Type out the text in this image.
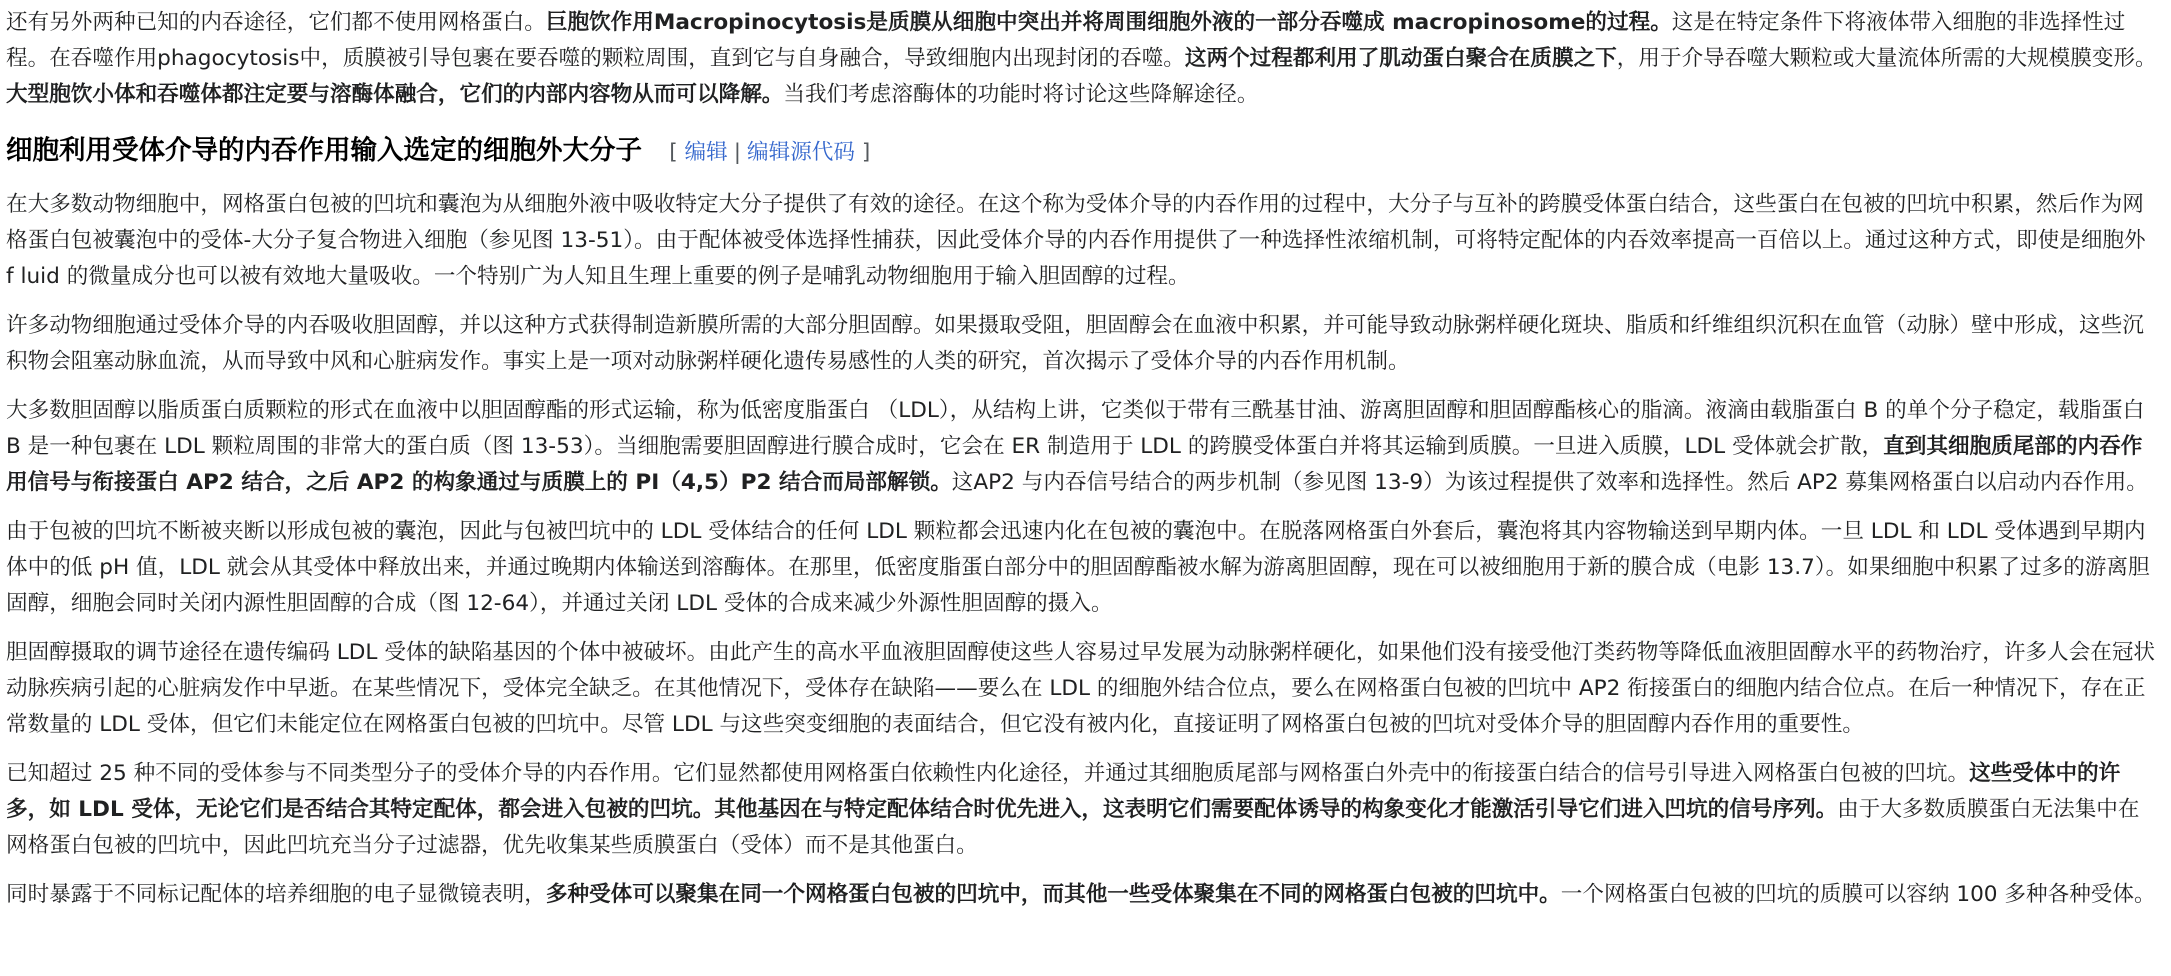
还有另外两种已知的内吞途径，它们都不使用网格蛋白。巨胞饮作用Macropinocytosis是质膜从细胞中突出并将周围细胞外液的一部分吞噬成 macropinosome的过程。这是在特定条件下将液体带入细胞的非选择性过程。在吞噬作用phagocytosis中，质膜被引导包裹在要吞噬的颗粒周围，直到它与自身融合，导致细胞内出现封闭的吞噬。这两个过程都利用了肌动蛋白聚合在质膜之下，用于介导吞噬大颗粒或大量流体所需的大规模膜变形。大型胞饮小体和吞噬体都注定要与溶酶体融合，它们的内部内容物从而可以降解。当我们考虑溶酶体的功能时将讨论这些降解途径。

细胞利用受体介导的内吞作用输入选定的细胞外大分子 [ 编辑 | 编辑源代码 ]

在大多数动物细胞中，网格蛋白包被的凹坑和囊泡为从细胞外液中吸收特定大分子提供了有效的途径。在这个称为受体介导的内吞作用的过程中，大分子与互补的跨膜受体蛋白结合，这些蛋白在包被的凹坑中积累，然后作为网格蛋白包被囊泡中的受体-大分子复合物进入细胞（参见图 13-51）。由于配体被受体选择性捕获，因此受体介导的内吞作用提供了一种选择性浓缩机制，可将特定配体的内吞效率提高一百倍以上。通过这种方式，即使是细胞外 f luid 的微量成分也可以被有效地大量吸收。一个特别广为人知且生理上重要的例子是哺乳动物细胞用于输入胆固醇的过程。

许多动物细胞通过受体介导的内吞吸收胆固醇，并以这种方式获得制造新膜所需的大部分胆固醇。如果摄取受阻，胆固醇会在血液中积累，并可能导致动脉粥样硬化斑块、脂质和纤维组织沉积在血管（动脉）壁中形成，这些沉积物会阻塞动脉血流，从而导致中风和心脏病发作。事实上是一项对动脉粥样硬化遗传易感性的人类的研究，首次揭示了受体介导的内吞作用机制。

大多数胆固醇以脂质蛋白质颗粒的形式在血液中以胆固醇酯的形式运输，称为低密度脂蛋白 （LDL），从结构上讲，它类似于带有三酰基甘油、游离胆固醇和胆固醇酯核心的脂滴。液滴由载脂蛋白 B 的单个分子稳定，载脂蛋白 B 是一种包裹在 LDL 颗粒周围的非常大的蛋白质（图 13-53）。当细胞需要胆固醇进行膜合成时，它会在 ER 制造用于 LDL 的跨膜受体蛋白并将其运输到质膜。一旦进入质膜，LDL 受体就会扩散，直到其细胞质尾部的内吞作用信号与衔接蛋白 AP2 结合，之后 AP2 的构象通过与质膜上的 PI（4,5）P2 结合而局部解锁。这AP2 与内吞信号结合的两步机制（参见图 13-9）为该过程提供了效率和选择性。然后 AP2 募集网格蛋白以启动内吞作用。

由于包被的凹坑不断被夹断以形成包被的囊泡，因此与包被凹坑中的 LDL 受体结合的任何 LDL 颗粒都会迅速内化在包被的囊泡中。在脱落网格蛋白外套后，囊泡将其内容物输送到早期内体。一旦 LDL 和 LDL 受体遇到早期内体中的低 pH 值，LDL 就会从其受体中释放出来，并通过晚期内体输送到溶酶体。在那里，低密度脂蛋白部分中的胆固醇酯被水解为游离胆固醇，现在可以被细胞用于新的膜合成（电影 13.7）。如果细胞中积累了过多的游离胆固醇，细胞会同时关闭内源性胆固醇的合成（图 12-64），并通过关闭 LDL 受体的合成来减少外源性胆固醇的摄入。

胆固醇摄取的调节途径在遗传编码 LDL 受体的缺陷基因的个体中被破坏。由此产生的高水平血液胆固醇使这些人容易过早发展为动脉粥样硬化，如果他们没有接受他汀类药物等降低血液胆固醇水平的药物治疗，许多人会在冠状动脉疾病引起的心脏病发作中早逝。在某些情况下，受体完全缺乏。在其他情况下，受体存在缺陷——要么在 LDL 的细胞外结合位点，要么在网格蛋白包被的凹坑中 AP2 衔接蛋白的细胞内结合位点。在后一种情况下，存在正常数量的 LDL 受体，但它们未能定位在网格蛋白包被的凹坑中。尽管 LDL 与这些突变细胞的表面结合，但它没有被内化，直接证明了网格蛋白包被的凹坑对受体介导的胆固醇内吞作用的重要性。

已知超过 25 种不同的受体参与不同类型分子的受体介导的内吞作用。它们显然都使用网格蛋白依赖性内化途径，并通过其细胞质尾部与网格蛋白外壳中的衔接蛋白结合的信号引导进入网格蛋白包被的凹坑。这些受体中的许多，如 LDL 受体，无论它们是否结合其特定配体，都会进入包被的凹坑。其他基因在与特定配体结合时优先进入，这表明它们需要配体诱导的构象变化才能激活引导它们进入凹坑的信号序列。由于大多数质膜蛋白无法集中在网格蛋白包被的凹坑中，因此凹坑充当分子过滤器，优先收集某些质膜蛋白（受体）而不是其他蛋白。

同时暴露于不同标记配体的培养细胞的电子显微镜表明，多种受体可以聚集在同一个网格蛋白包被的凹坑中，而其他一些受体聚集在不同的网格蛋白包被的凹坑中。一个网格蛋白包被的凹坑的质膜可以容纳 100 多种各种受体。
